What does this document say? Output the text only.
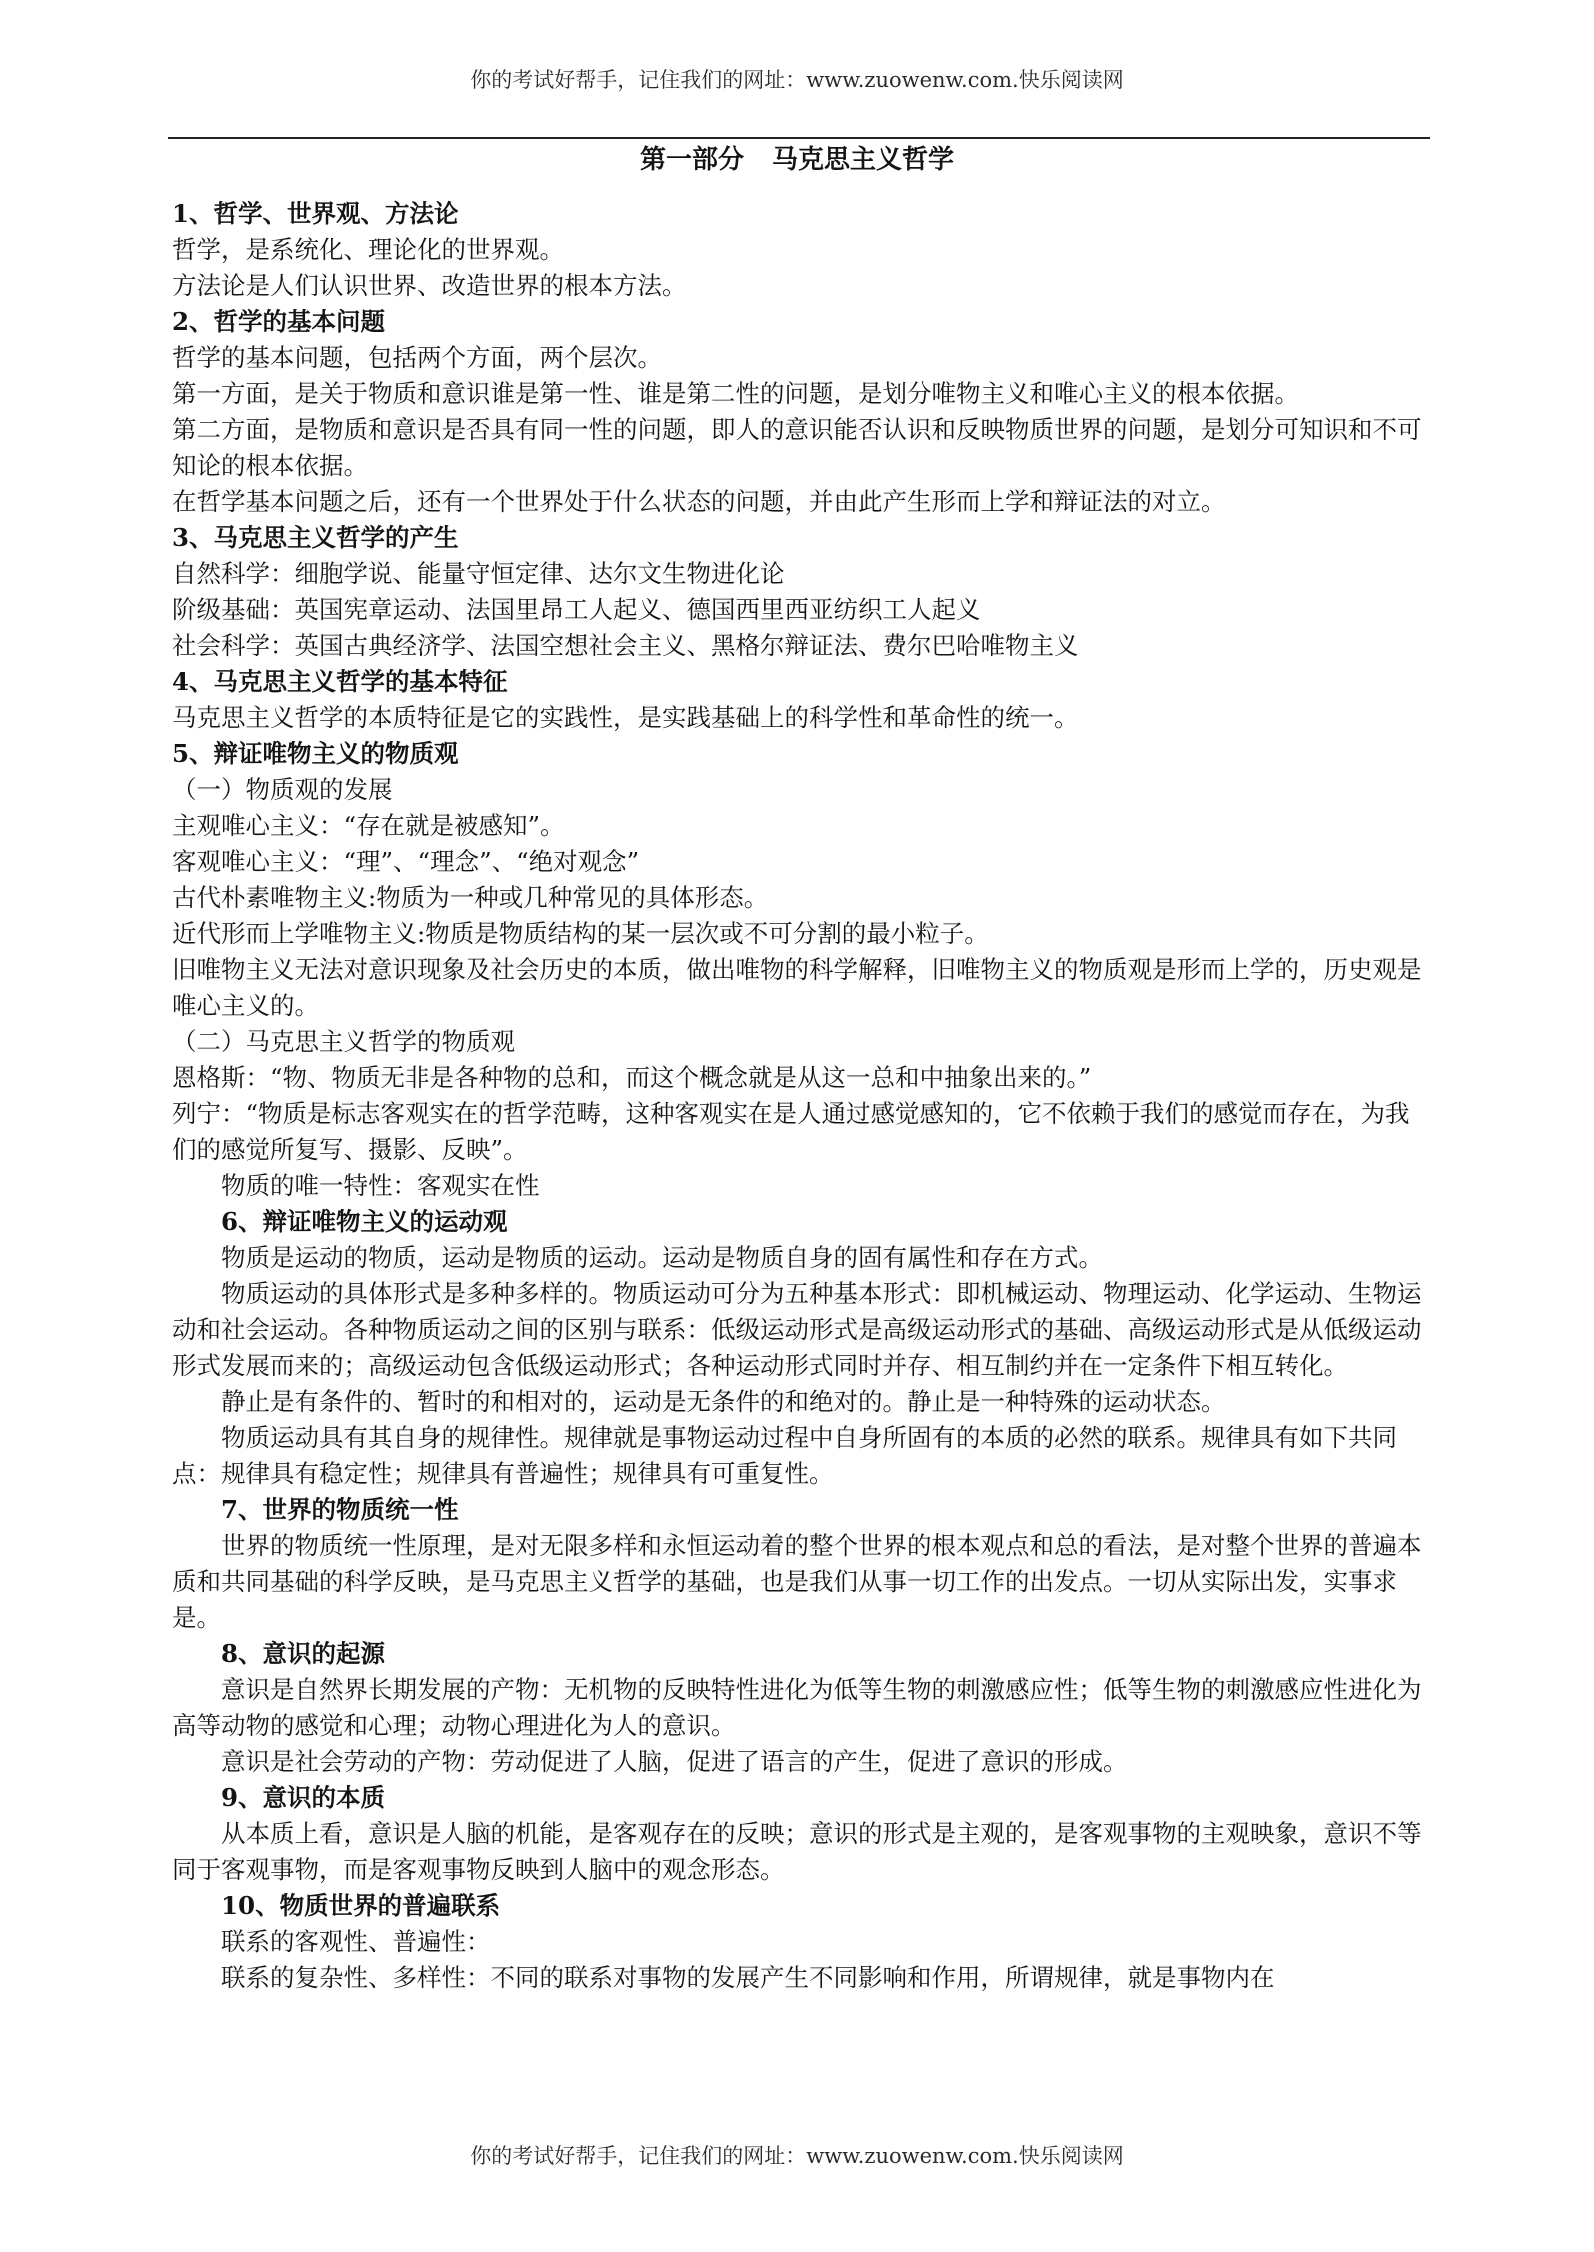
你的考试好帮手，记住我们的网址：www.zuowenw.com.快乐阅读网
第一部分 马克思主义哲学

1、哲学、世界观、方法论

哲学，是系统化、理论化的世界观。

方法论是人们认识世界、改造世界的根本方法。

2、哲学的基本问题

哲学的基本问题，包括两个方面，两个层次。

第一方面，是关于物质和意识谁是第一性、谁是第二性的问题，是划分唯物主义和唯心主义的根本依据。

第二方面，是物质和意识是否具有同一性的问题，即人的意识能否认识和反映物质世界的问题，是划分可知识和不可知论的根本依据。

在哲学基本问题之后，还有一个世界处于什么状态的问题，并由此产生形而上学和辩证法的对立。

3、马克思主义哲学的产生

自然科学：细胞学说、能量守恒定律、达尔文生物进化论

阶级基础：英国宪章运动、法国里昂工人起义、德国西里西亚纺织工人起义

社会科学：英国古典经济学、法国空想社会主义、黑格尔辩证法、费尔巴哈唯物主义

4、马克思主义哲学的基本特征

马克思主义哲学的本质特征是它的实践性，是实践基础上的科学性和革命性的统一。

5、辩证唯物主义的物质观

（一）物质观的发展

主观唯心主义：“存在就是被感知”。

客观唯心主义：“理”、“理念”、“绝对观念”

古代朴素唯物主义:物质为一种或几种常见的具体形态。

近代形而上学唯物主义:物质是物质结构的某一层次或不可分割的最小粒子。

旧唯物主义无法对意识现象及社会历史的本质，做出唯物的科学解释，旧唯物主义的物质观是形而上学的，历史观是唯心主义的。

（二）马克思主义哲学的物质观

恩格斯：“物、物质无非是各种物的总和，而这个概念就是从这一总和中抽象出来的。”

列宁：“物质是标志客观实在的哲学范畴，这种客观实在是人通过感觉感知的，它不依赖于我们的感觉而存在，为我们的感觉所复写、摄影、反映”。

物质的唯一特性：客观实在性

6、辩证唯物主义的运动观

物质是运动的物质，运动是物质的运动。运动是物质自身的固有属性和存在方式。

物质运动的具体形式是多种多样的。物质运动可分为五种基本形式：即机械运动、物理运动、化学运动、生物运动和社会运动。各种物质运动之间的区别与联系：低级运动形式是高级运动形式的基础、高级运动形式是从低级运动形式发展而来的；高级运动包含低级运动形式；各种运动形式同时并存、相互制约并在一定条件下相互转化。

静止是有条件的、暂时的和相对的，运动是无条件的和绝对的。静止是一种特殊的运动状态。

物质运动具有其自身的规律性。规律就是事物运动过程中自身所固有的本质的必然的联系。规律具有如下共同点：规律具有稳定性；规律具有普遍性；规律具有可重复性。

7、世界的物质统一性

世界的物质统一性原理，是对无限多样和永恒运动着的整个世界的根本观点和总的看法，是对整个世界的普遍本质和共同基础的科学反映，是马克思主义哲学的基础，也是我们从事一切工作的出发点。一切从实际出发，实事求是。

8、意识的起源

意识是自然界长期发展的产物：无机物的反映特性进化为低等生物的刺激感应性；低等生物的刺激感应性进化为高等动物的感觉和心理；动物心理进化为人的意识。

意识是社会劳动的产物：劳动促进了人脑，促进了语言的产生，促进了意识的形成。

9、意识的本质

从本质上看，意识是人脑的机能，是客观存在的反映；意识的形式是主观的，是客观事物的主观映象，意识不等同于客观事物，而是客观事物反映到人脑中的观念形态。

10、物质世界的普遍联系

联系的客观性、普遍性：

联系的复杂性、多样性：不同的联系对事物的发展产生不同影响和作用，所谓规律，就是事物内在

你的考试好帮手，记住我们的网址：www.zuowenw.com.快乐阅读网
